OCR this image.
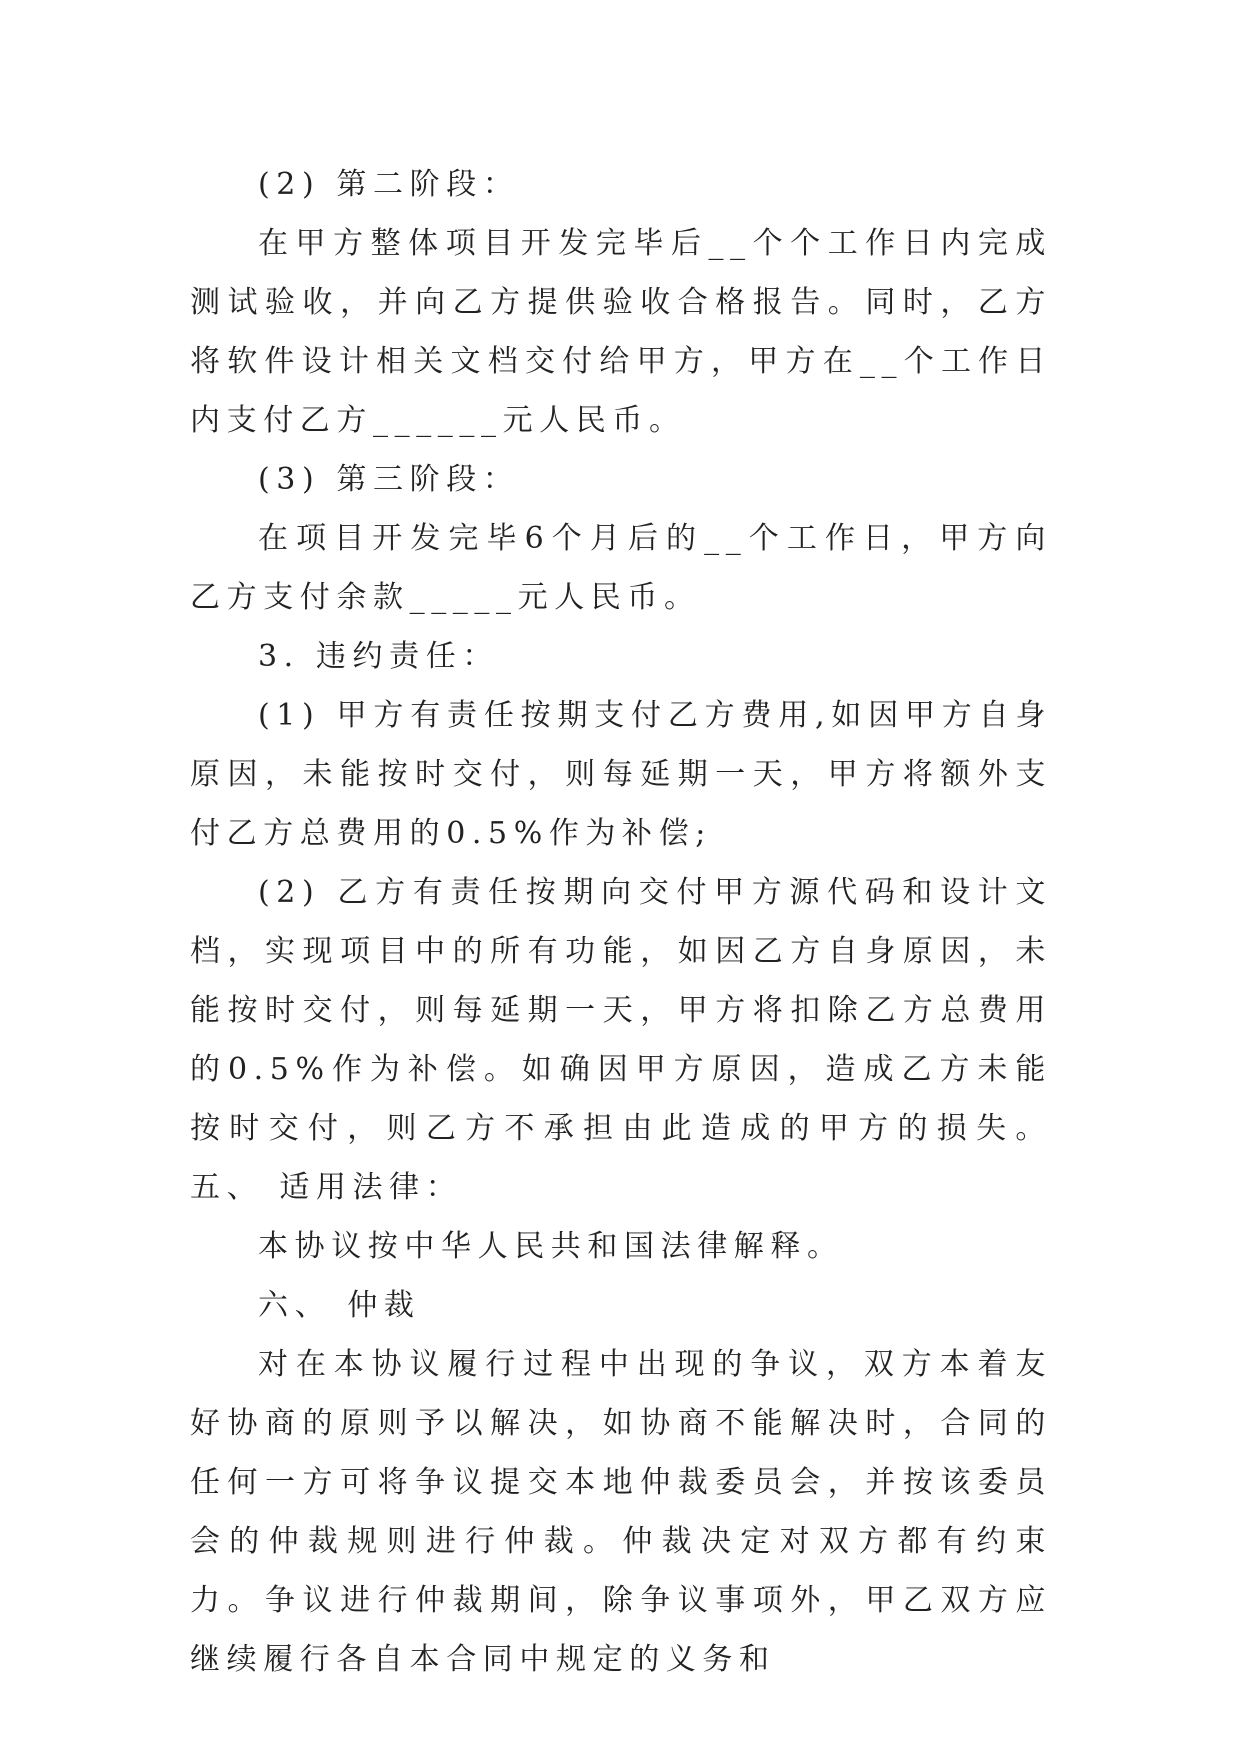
(2) 第二阶段：

在甲方整体项目开发完毕后__个个工作日内完成测试验收，并向乙方提供验收合格报告。同时，乙方将软件设计相关文档交付给甲方，甲方在__个工作日内支付乙方______元人民币。

(3) 第三阶段：

在项目开发完毕6个月后的__个工作日，甲方向乙方支付余款_____元人民币。

3. 违约责任：

(1) 甲方有责任按期支付乙方费用,如因甲方自身原因，未能按时交付，则每延期一天，甲方将额外支付乙方总费用的0.5%作为补偿;

(2) 乙方有责任按期向交付甲方源代码和设计文档，实现项目中的所有功能，如因乙方自身原因，未能按时交付，则每延期一天，甲方将扣除乙方总费用的0.5%作为补偿。如确因甲方原因，造成乙方未能按时交付，则乙方不承担由此造成的甲方的损失。 五、 适用法律：

本协议按中华人民共和国法律解释。

六、 仲裁

对在本协议履行过程中出现的争议，双方本着友好协商的原则予以解决，如协商不能解决时，合同的任何一方可将争议提交本地仲裁委员会，并按该委员会的仲裁规则进行仲裁。仲裁决定对双方都有约束力。争议进行仲裁期间，除争议事项外，甲乙双方应继续履行各自本合同中规定的义务和
